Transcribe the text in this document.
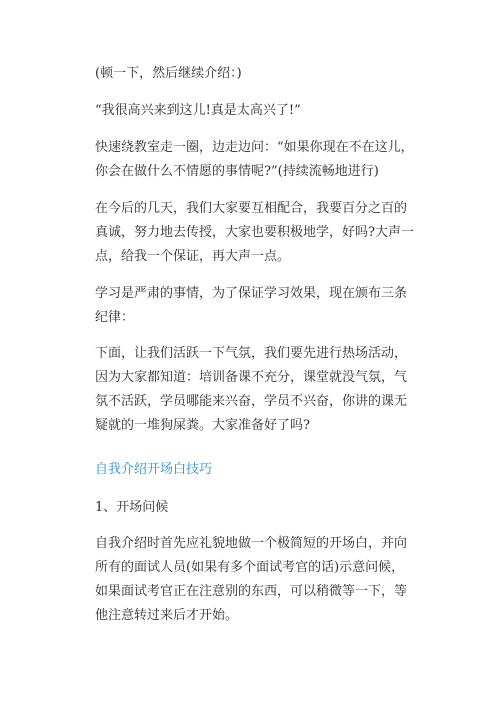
(顿一下，然后继续介绍：)

“我很高兴来到这儿!真是太高兴了!”

快速绕教室走一圈，边走边问：“如果你现在不在这儿，你会在做什么不情愿的事情呢?”(持续流畅地进行)

在今后的几天，我们大家要互相配合，我要百分之百的真诚，努力地去传授，大家也要积极地学，好吗?大声一点，给我一个保证，再大声一点。

学习是严肃的事情，为了保证学习效果，现在颁布三条纪律：

下面，让我们活跃一下气氛，我们要先进行热场活动，因为大家都知道：培训备课不充分，课堂就没气氛，气氛不活跃，学员哪能来兴奋，学员不兴奋，你讲的课无疑就的一堆狗屎粪。大家准备好了吗?

自我介绍开场白技巧

1、开场问候

自我介绍时首先应礼貌地做一个极简短的开场白，并向所有的面试人员(如果有多个面试考官的话)示意问候，如果面试考官正在注意别的东西，可以稍微等一下，等他注意转过来后才开始。
